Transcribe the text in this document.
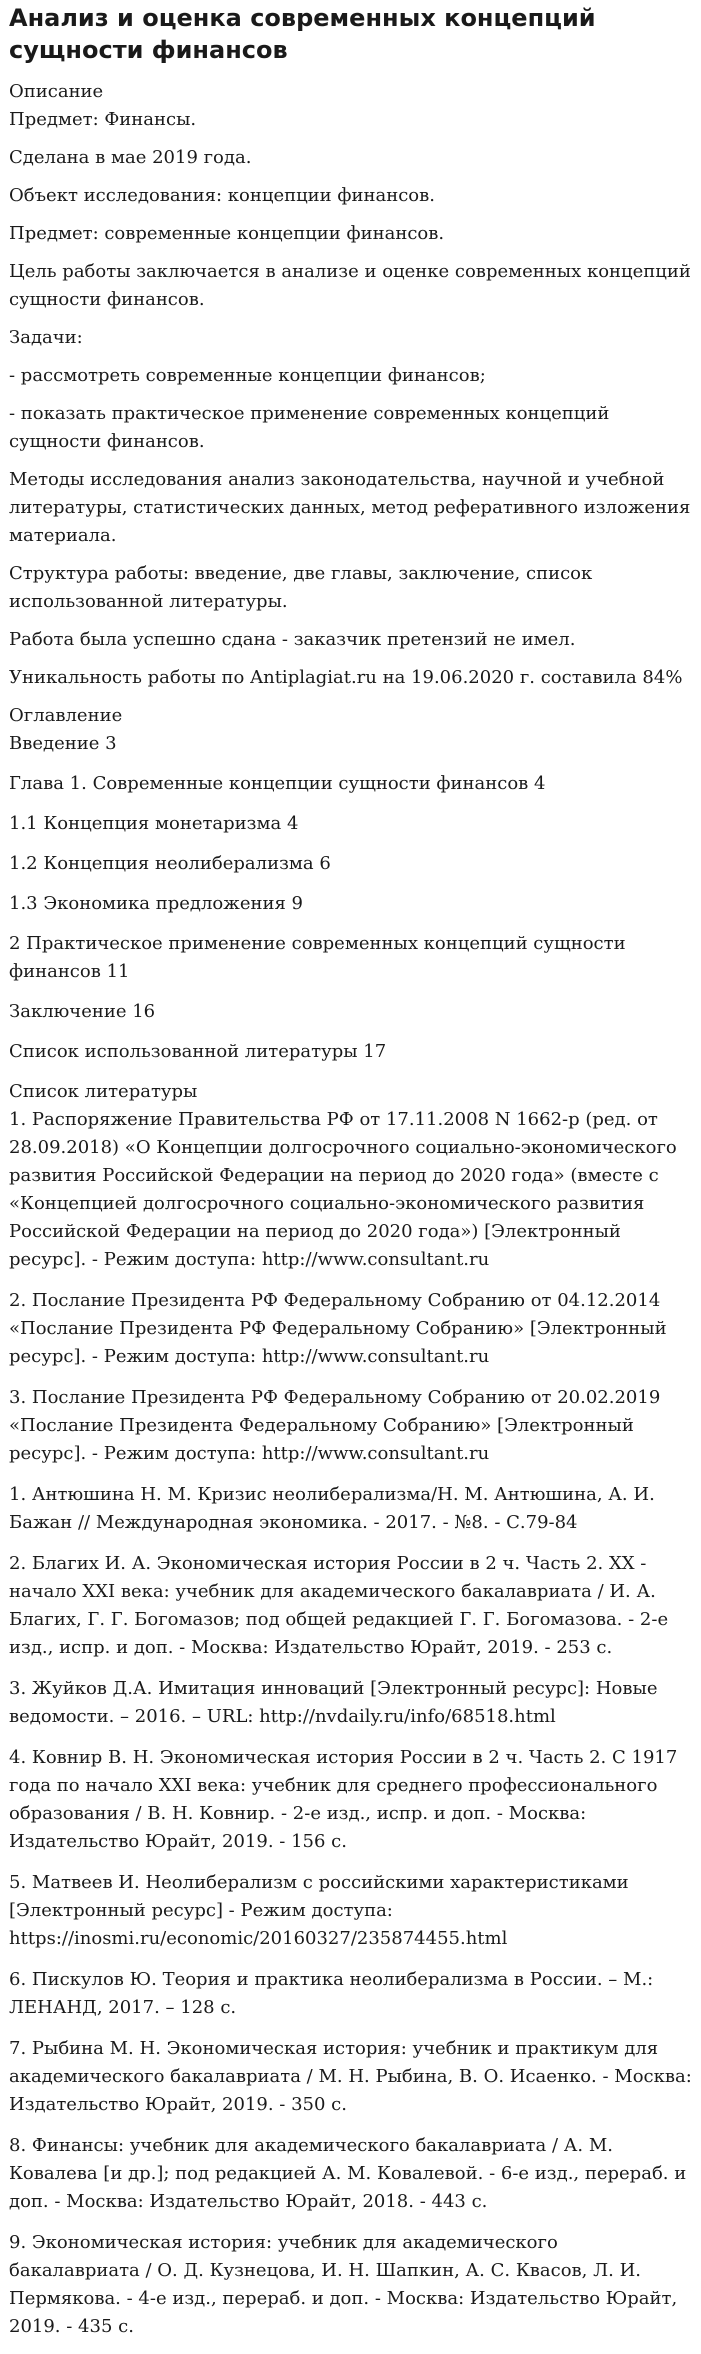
Анализ и оценка современных концепций сущности финансов
Описание

Предмет: Финансы.

Сделана в мае 2019 года.

Объект исследования: концепции финансов.

Предмет: современные концепции финансов.

Цель работы заключается в анализе и оценке современных концепций сущности финансов.

Задачи:

- рассмотреть современные концепции финансов;

- показать практическое применение современных концепций сущности финансов.

Методы исследования анализ законодательства, научной и учебной литературы, статистических данных, метод реферативного изложения материала.

Структура работы: введение, две главы, заключение, список использованной литературы.

Работа была успешно сдана - заказчик претензий не имел.

Уникальность работы по Antiplagiat.ru на 19.06.2020 г. составила 84%

Оглавление

Введение 3

Глава 1. Современные концепции сущности финансов 4

1.1 Концепция монетаризма 4

1.2 Концепция неолиберализма 6

1.3 Экономика предложения 9

2 Практическое применение современных концепций сущности финансов 11

Заключение 16

Список использованной литературы 17

Список литературы

1. Распоряжение Правительства РФ от 17.11.2008 N 1662-р (ред. от 28.09.2018) «О Концепции долгосрочного социально-экономического развития Российской Федерации на период до 2020 года» (вместе с «Концепцией долгосрочного социально-экономического развития Российской Федерации на период до 2020 года») [Электронный ресурс]. - Режим доступа: http://www.consultant.ru

2. Послание Президента РФ Федеральному Собранию от 04.12.2014 «Послание Президента РФ Федеральному Собранию» [Электронный ресурс]. - Режим доступа: http://www.consultant.ru

3. Послание Президента РФ Федеральному Собранию от 20.02.2019 «Послание Президента Федеральному Собранию» [Электронный ресурс]. - Режим доступа: http://www.consultant.ru

1. Антюшина Н. М. Кризис неолиберализма/Н. М. Антюшина, А. И. Бажан // Международная экономика. - 2017. - №8. - С.79-84

2. Благих И. А. Экономическая история России в 2 ч. Часть 2. XX - начало XXI века: учебник для академического бакалавриата / И. А. Благих, Г. Г. Богомазов; под общей редакцией Г. Г. Богомазова. - 2-е изд., испр. и доп. - Москва: Издательство Юрайт, 2019. - 253 с.

3. Жуйков Д.А. Имитация инноваций [Электронный ресурс]: Новые ведомости. – 2016. – URL: http://nvdaily.ru/info/68518.html

4. Ковнир В. Н. Экономическая история России в 2 ч. Часть 2. С 1917 года по начало XXI века: учебник для среднего профессионального образования / В. Н. Ковнир. - 2-е изд., испр. и доп. - Москва: Издательство Юрайт, 2019. - 156 с.

5. Матвеев И. Неолиберализм с российскими характеристиками [Электронный ресурс] - Режим доступа: https://inosmi.ru/economic/20160327/235874455.html

6. Пискулов Ю. Теория и практика неолиберализма в России. – М.: ЛЕНАНД, 2017. – 128 с.

7. Рыбина М. Н. Экономическая история: учебник и практикум для академического бакалавриата / М. Н. Рыбина, В. О. Исаенко. - Москва: Издательство Юрайт, 2019. - 350 с.

8. Финансы: учебник для академического бакалавриата / А. М. Ковалева [и др.]; под редакцией А. М. Ковалевой. - 6-е изд., перераб. и доп. - Москва: Издательство Юрайт, 2018. - 443 с.

9. Экономическая история: учебник для академического бакалавриата / О. Д. Кузнецова, И. Н. Шапкин, А. С. Квасов, Л. И. Пермякова. - 4-е изд., перераб. и доп. - Москва: Издательство Юрайт, 2019. - 435 с.
